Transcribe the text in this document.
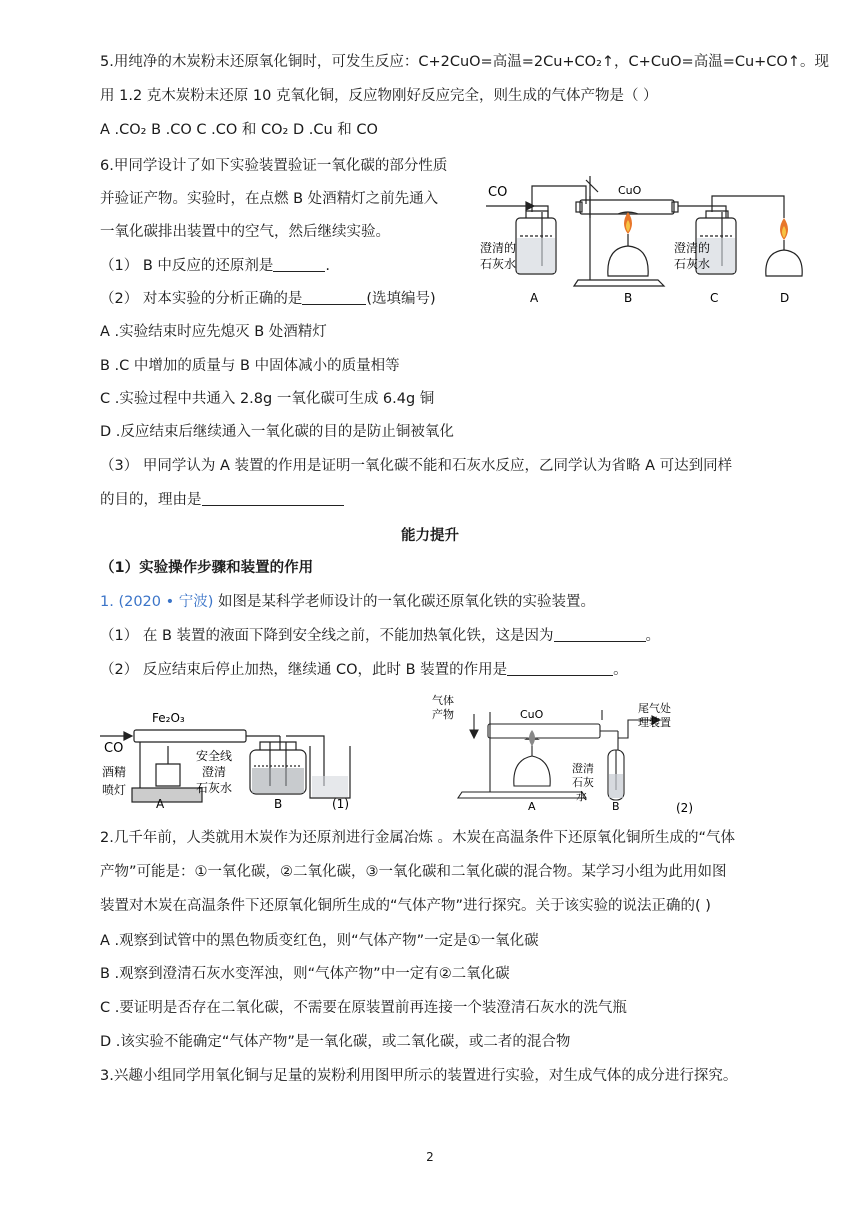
5.用纯净的木炭粉末还原氧化铜时，可发生反应：C+2CuO=高温=2Cu+CO₂↑，C+CuO=高温=Cu+CO↑。现
用 1.2 克木炭粉末还原 10 克氧化铜，反应物刚好反应完全，则生成的气体产物是（ ）
A .CO₂ B .CO C .CO 和 CO₂ D .Cu 和 CO
6.甲同学设计了如下实验装置验证一氧化碳的部分性质
并验证产物。实验时，在点燃 B 处酒精灯之前先通入
一氧化碳排出装置中的空气，然后继续实验。
（1） B 中反应的还原剂是	.
（2） 对本实验的分析正确的是	(选填编号)
A .实验结束时应先熄灭 B 处酒精灯
B .C 中增加的质量与 B 中固体减小的质量相等
C .实验过程中共通入 2.8g 一氧化碳可生成 6.4g 铜
D .反应结束后继续通入一氧化碳的目的是防止铜被氧化
（3） 甲同学认为 A 装置的作用是证明一氧化碳不能和石灰水反应，乙同学认为省略 A 可达到同样
的目的，理由是
CO	CuO
澄清的
石灰水
澄清的
石灰水
A	B	C	D
能力提升
（1）实验操作步骤和装置的作用
1. (2020 • 宁波) 如图是某科学老师设计的一氧化碳还原氧化铁的实验装置。
（1） 在 B 装置的液面下降到安全线之前，不能加热氧化铁，这是因为	。
（2） 反应结束后停止加热，继续通 CO，此时 B 装置的作用是	。
Fe₂O₃
CO
酒精
喷灯
安全线
澄清
石灰水
A	B	(1)
气体
产物	CuO	尾气处
理装置
澄清
石灰
水
A	B	(2)
2.几千年前，人类就用木炭作为还原剂进行金属冶炼 。木炭在高温条件下还原氧化铜所生成的“气体
产物”可能是：①一氧化碳，②二氧化碳，③一氧化碳和二氧化碳的混合物。某学习小组为此用如图
装置对木炭在高温条件下还原氧化铜所生成的“气体产物”进行探究。关于该实验的说法正确的( )
A .观察到试管中的黑色物质变红色，则“气体产物”一定是①一氧化碳
B .观察到澄清石灰水变浑浊，则“气体产物”中一定有②二氧化碳
C .要证明是否存在二氧化碳，不需要在原装置前再连接一个装澄清石灰水的洗气瓶
D .该实验不能确定“气体产物”是一氧化碳，或二氧化碳，或二者的混合物
3.兴趣小组同学用氧化铜与足量的炭粉利用图甲所示的装置进行实验，对生成气体的成分进行探究。
2
